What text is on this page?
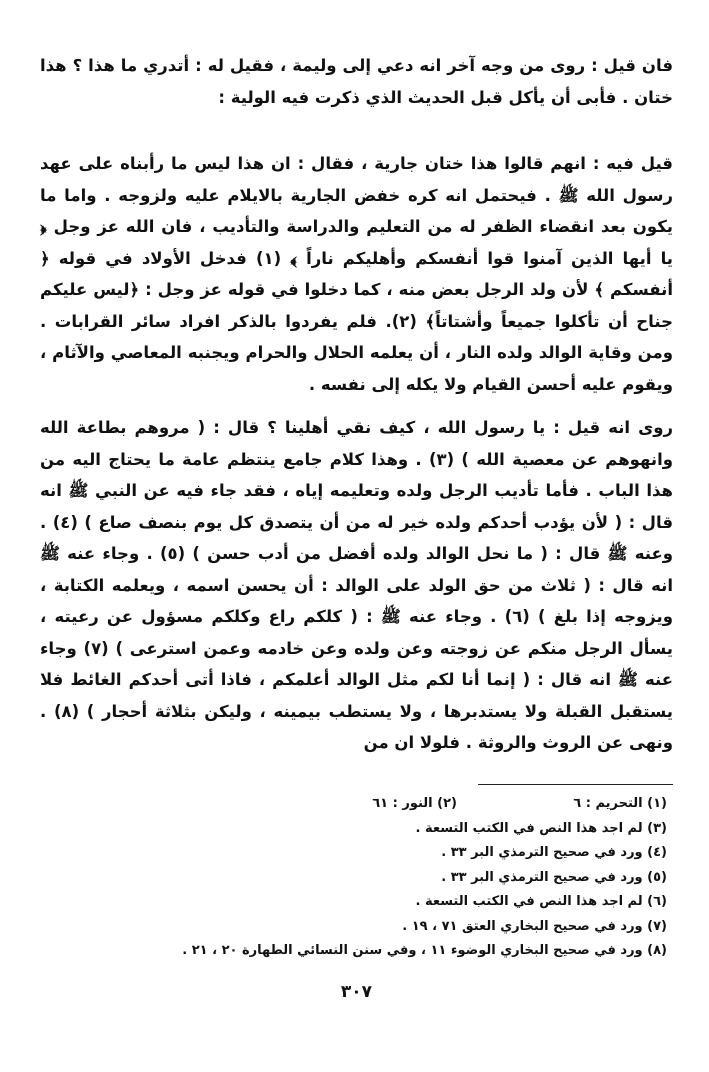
فان قيل : روى من وجه آخر انه دعي إلى وليمة ، فقيل له : أتدري ما هذا ؟ هذا ختان . فأبى أن يأكل قبل الحديث الذي ذكرت فيه الولية :

قيل فيه : انهم قالوا هذا ختان جارية ، فقال : ان هذا ليس ما رأبناه على عهد رسول الله ﷺ . فيحتمل انه كره خفض الجارية بالايلام عليه ولزوجه . واما ما يكون بعد انقضاء الظفر له من التعليم والدراسة والتأديب ، فان الله عز وجل ﴿ يا أيها الذين آمنوا قوا أنفسكم وأهليكم ناراً ﴾ (١) فدخل الأولاد في قوله ﴿ أنفسكم ﴾ لأن ولد الرجل بعض منه ، كما دخلوا في قوله عز وجل : ﴿ليس عليكم جناح أن تأكلوا جميعاً وأشتاتاً﴾ (٢). فلم يفردوا بالذكر افراد سائر القرابات . ومن وقاية الوالد ولده النار ، أن يعلمه الحلال والحرام ويجنبه المعاصي والآثام ، ويقوم عليه أحسن القيام ولا يكله إلى نفسه .

روى انه قيل : يا رسول الله ، كيف نقي أهلينا ؟ قال : ( مروهم بطاعة الله وانهوهم عن معصية الله ) (٣) . وهذا كلام جامع ينتظم عامة ما يحتاج اليه من هذا الباب . فأما تأديب الرجل ولده وتعليمه إياه ، فقد جاء فيه عن النبي ﷺ انه قال : ( لأن يؤدب أحدكم ولده خير له من أن يتصدق كل يوم بنصف صاع ) (٤) . وعنه ﷺ قال : ( ما نحل الوالد ولده أفضل من أدب حسن ) (٥) . وجاء عنه ﷺ انه قال : ( ثلاث من حق الولد على الوالد : أن يحسن اسمه ، ويعلمه الكتابة ، ويزوجه إذا بلغ ) (٦) . وجاء عنه ﷺ : ( كلكم راع وكلكم مسؤول عن رعيته ، يسأل الرجل منكم عن زوجته وعن ولده وعن خادمه وعمن استرعى ) (٧) وجاء عنه ﷺ انه قال : ( إنما أنا لكم مثل الوالد أعلمكم ، فاذا أتى أحدكم الغائط فلا يستقبل القبلة ولا يستدبرها ، ولا يستطب بيمينه ، وليكن بثلاثة أحجار ) (٨) . ونهى عن الروث والروثة . فلولا ان من

(١) التحريم : ٦
(٢) النور : ٦١
(٣) لم اجد هذا النص في الكتب التسعة .
(٤) ورد في صحيح الترمذي البر ٣٣ .
(٥) ورد في صحيح الترمذي البر ٣٣ .
(٦) لم اجد هذا النص في الكتب التسعة .
(٧) ورد في صحيح البخاري العتق ٧١ ، ١٩ .
(٨) ورد في صحيح البخاري الوضوء ١١ ، وفي سنن النسائي الطهارة ٢٠ ، ٢١ .
٣٠٧
